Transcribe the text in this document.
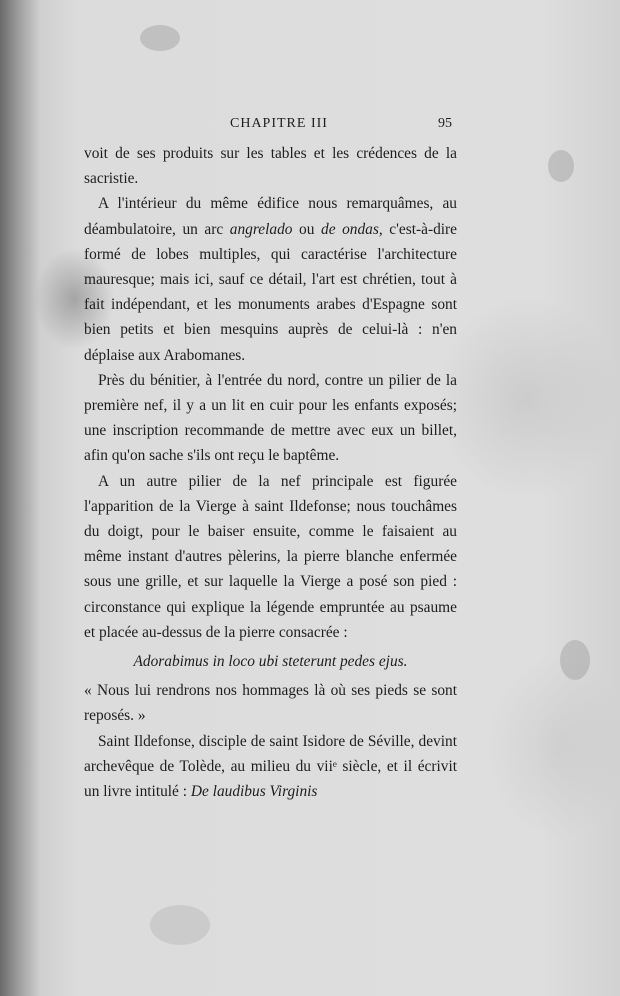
CHAPITRE III	95

voit de ses produits sur les tables et les crédences de la sacristie.

A l'intérieur du même édifice nous remarquâmes, au déambulatoire, un arc angrelado ou de ondas, c'est-à-dire formé de lobes multiples, qui caractérise l'architecture mauresque; mais ici, sauf ce détail, l'art est chrétien, tout à fait indépendant, et les monuments arabes d'Espagne sont bien petits et bien mesquins auprès de celui-là : n'en déplaise aux Arabomanes.

Près du bénitier, à l'entrée du nord, contre un pilier de la première nef, il y a un lit en cuir pour les enfants exposés; une inscription recommande de mettre avec eux un billet, afin qu'on sache s'ils ont reçu le baptême.

A un autre pilier de la nef principale est figurée l'apparition de la Vierge à saint Ildefonse; nous touchâmes du doigt, pour le baiser ensuite, comme le faisaient au même instant d'autres pèlerins, la pierre blanche enfermée sous une grille, et sur laquelle la Vierge a posé son pied : circonstance qui explique la légende empruntée au psaume et placée au-dessus de la pierre consacrée :

Adorabimus in loco ubi steterunt pedes ejus.

« Nous lui rendrons nos hommages là où ses pieds se sont reposés. »

Saint Ildefonse, disciple de saint Isidore de Séville, devint archevêque de Tolède, au milieu du viiᵉ siècle, et il écrivit un livre intitulé : De laudibus Virginis
